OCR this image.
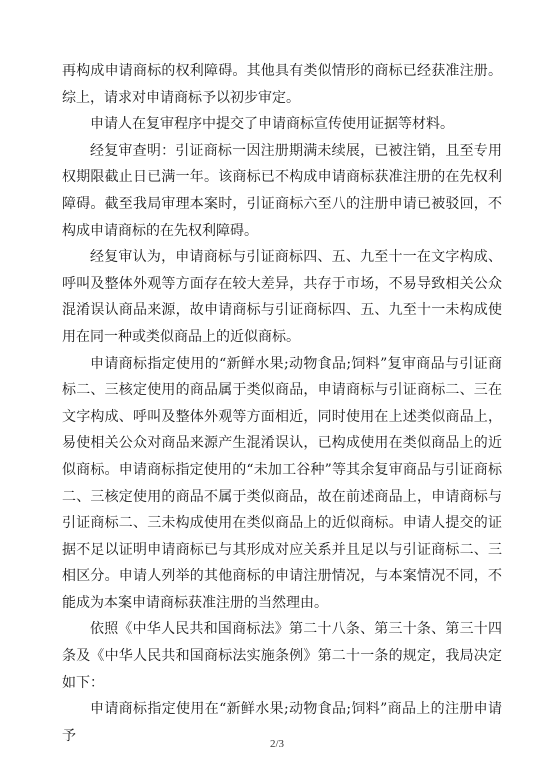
再构成申请商标的权利障碍。其他具有类似情形的商标已经获准注册。综上，请求对申请商标予以初步审定。

申请人在复审程序中提交了申请商标宣传使用证据等材料。

经复审查明：引证商标一因注册期满未续展，已被注销，且至专用权期限截止日已满一年。该商标已不构成申请商标获准注册的在先权利障碍。截至我局审理本案时，引证商标六至八的注册申请已被驳回，不构成申请商标的在先权利障碍。

经复审认为，申请商标与引证商标四、五、九至十一在文字构成、呼叫及整体外观等方面存在较大差异，共存于市场，不易导致相关公众混淆误认商品来源，故申请商标与引证商标四、五、九至十一未构成使用在同一种或类似商品上的近似商标。

申请商标指定使用的“新鲜水果;动物食品;饲料”复审商品与引证商标二、三核定使用的商品属于类似商品，申请商标与引证商标二、三在文字构成、呼叫及整体外观等方面相近，同时使用在上述类似商品上，易使相关公众对商品来源产生混淆误认，已构成使用在类似商品上的近似商标。申请商标指定使用的“未加工谷种”等其余复审商品与引证商标二、三核定使用的商品不属于类似商品，故在前述商品上，申请商标与引证商标二、三未构成使用在类似商品上的近似商标。申请人提交的证据不足以证明申请商标已与其形成对应关系并且足以与引证商标二、三相区分。申请人列举的其他商标的申请注册情况，与本案情况不同，不能成为本案申请商标获准注册的当然理由。

依照《中华人民共和国商标法》第二十八条、第三十条、第三十四条及《中华人民共和国商标法实施条例》第二十一条的规定，我局决定如下：

申请商标指定使用在“新鲜水果;动物食品;饲料”商品上的注册申请予

2/3
